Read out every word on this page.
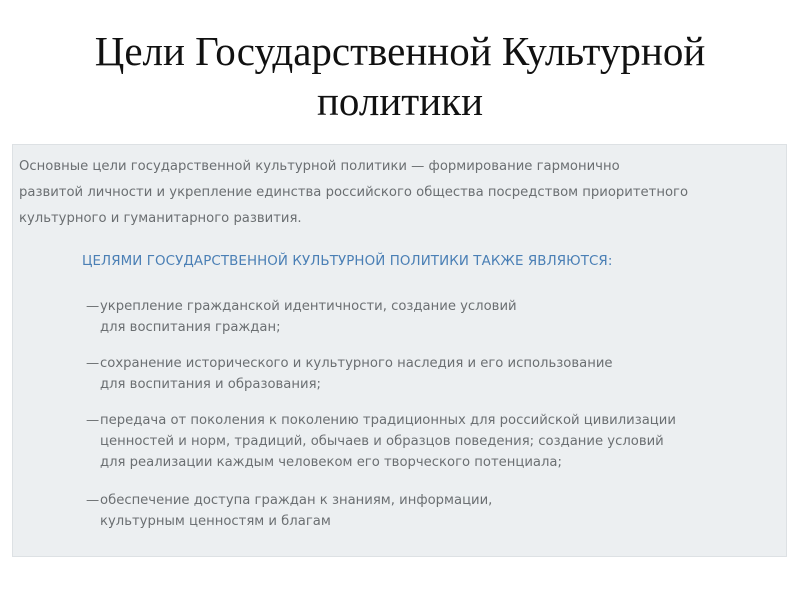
Цели Государственной Культурной
политики
Основные цели государственной культурной политики — формирование гармонично
развитой личности и укрепление единства российского общества посредством приоритетного
культурного и гуманитарного развития.
ЦЕЛЯМИ ГОСУДАРСТВЕННОЙ КУЛЬТУРНОЙ ПОЛИТИКИ ТАКЖЕ ЯВЛЯЮТСЯ:
—укрепление гражданской идентичности, создание условий
для воспитания граждан;
—сохранение исторического и культурного наследия и его использование
для воспитания и образования;
—передача от поколения к поколению традиционных для российской цивилизации
ценностей и норм, традиций, обычаев и образцов поведения; создание условий
для реализации каждым человеком его творческого потенциала;
—обеспечение доступа граждан к знаниям, информации,
культурным ценностям и благам
